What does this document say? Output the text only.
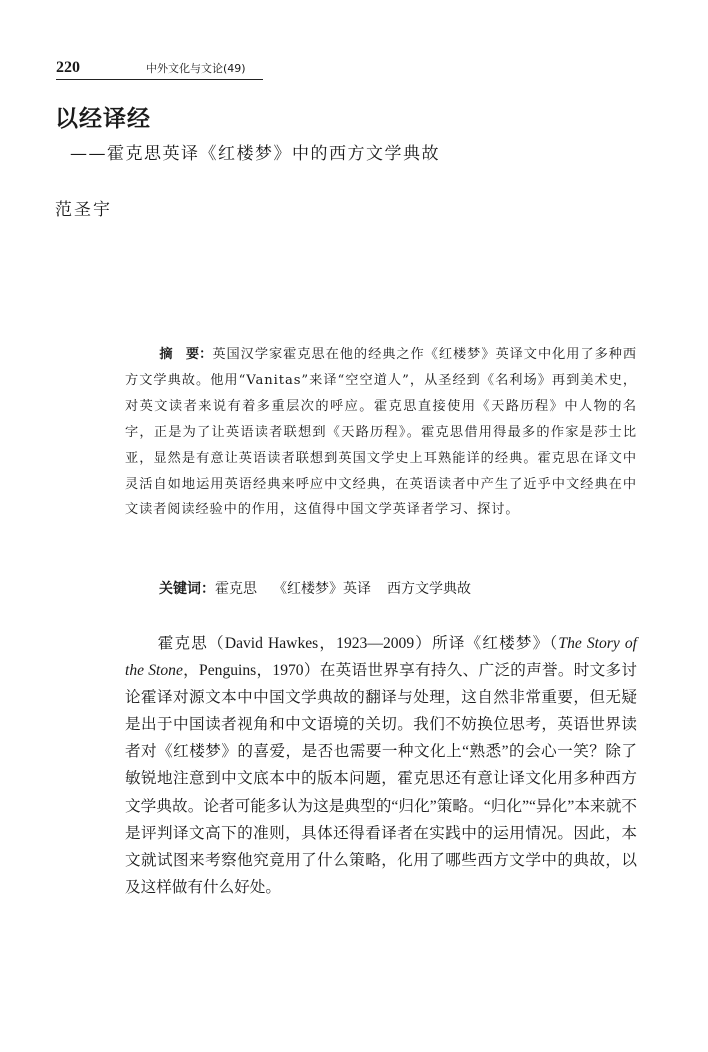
220	中外文化与文论(49)
以经译经
——霍克思英译《红楼梦》中的西方文学典故
范圣宇
摘　要：英国汉学家霍克思在他的经典之作《红楼梦》英译文中化用了多种西方文学典故。他用“Vanitas”来译“空空道人”，从圣经到《名利场》再到美术史，对英文读者来说有着多重层次的呼应。霍克思直接使用《天路历程》中人物的名字，正是为了让英语读者联想到《天路历程》。霍克思借用得最多的作家是莎士比亚，显然是有意让英语读者联想到英国文学史上耳熟能详的经典。霍克思在译文中灵活自如地运用英语经典来呼应中文经典，在英语读者中产生了近乎中文经典在中文读者阅读经验中的作用，这值得中国文学英译者学习、探讨。
关键词：霍克思 《红楼梦》英译 西方文学典故
霍克思（David Hawkes，1923—2009）所译《红楼梦》（The Story of the Stone，Penguins，1970）在英语世界享有持久、广泛的声誉。时文多讨论霍译对源文本中中国文学典故的翻译与处理，这自然非常重要，但无疑是出于中国读者视角和中文语境的关切。我们不妨换位思考，英语世界读者对《红楼梦》的喜爱，是否也需要一种文化上“熟悉”的会心一笑？除了敏锐地注意到中文底本中的版本问题，霍克思还有意让译文化用多种西方文学典故。论者可能多认为这是典型的“归化”策略。“归化”“异化”本来就不是评判译文高下的准则，具体还得看译者在实践中的运用情况。因此，本文就试图来考察他究竟用了什么策略，化用了哪些西方文学中的典故，以及这样做有什么好处。
